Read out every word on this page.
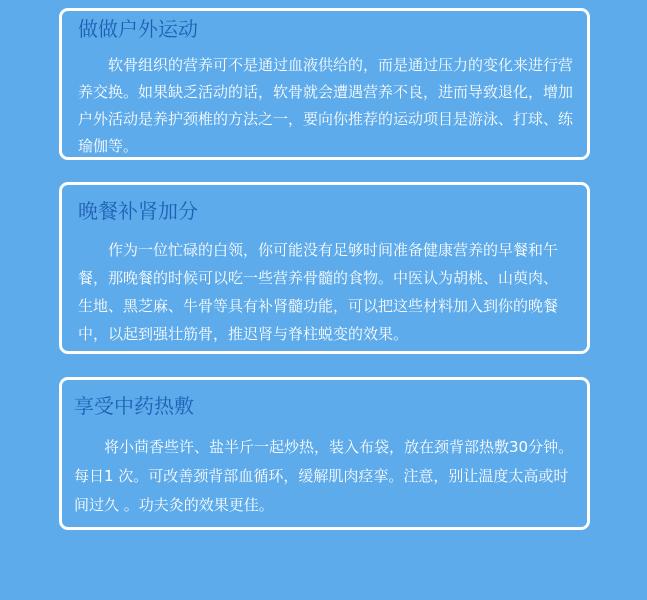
做做户外运动

软骨组织的营养可不是通过血液供给的，而是通过压力的变化来进行营养交换。如果缺乏活动的话，软骨就会遭遇营养不良，进而导致退化，增加户外活动是养护颈椎的方法之一，要向你推荐的运动项目是游泳、打球、练瑜伽等。

晚餐补肾加分

作为一位忙碌的白领，你可能没有足够时间准备健康营养的早餐和午餐，那晚餐的时候可以吃一些营养骨髓的食物。中医认为胡桃、山萸肉、生地、黑芝麻、牛骨等具有补肾髓功能，可以把这些材料加入到你的晚餐中，以起到强壮筋骨，推迟肾与脊柱蜕变的效果。

享受中药热敷

将小茴香些许、盐半斤一起炒热，装入布袋，放在颈背部热敷30分钟。每日1 次。可改善颈背部血循环，缓解肌肉痉挛。注意，别让温度太高或时间过久 。功夫灸的效果更佳。
